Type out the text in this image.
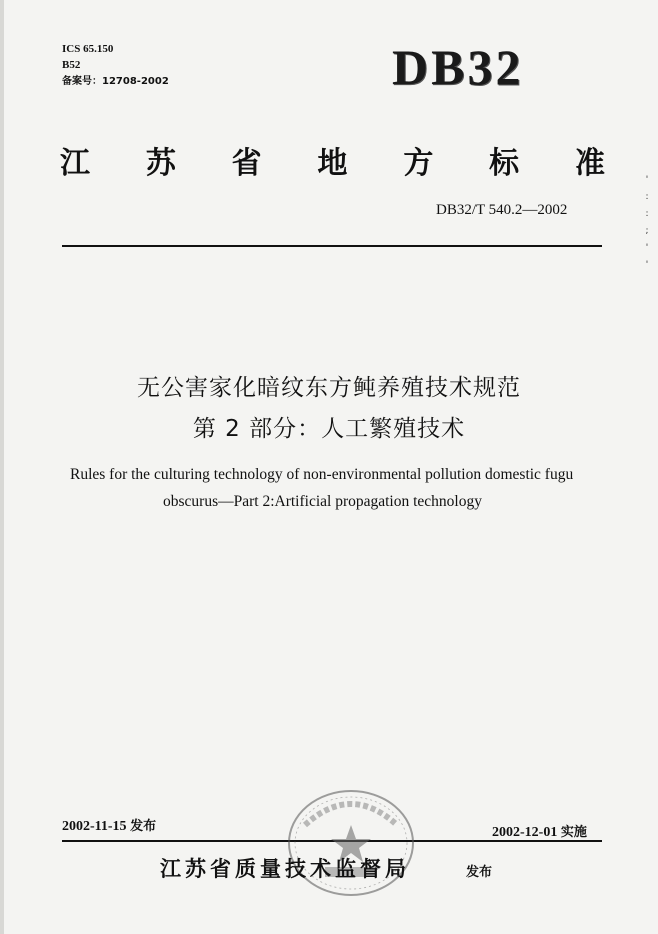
ICS 65.150
B52
备案号：12708-2002	DB32
江 苏 省 地 方 标 准
DB32/T 540.2—2002
无公害家化暗纹东方鲀养殖技术规范
第 2 部分：人工繁殖技术
Rules for the culturing technology of non-environmental pollution domestic fugu
obscurus—Part 2:Artificial propagation technology
2002-11-15 发布	2002-12-01 实施
江苏省质量技术监督局	发布
'
:
:
;
'
'
